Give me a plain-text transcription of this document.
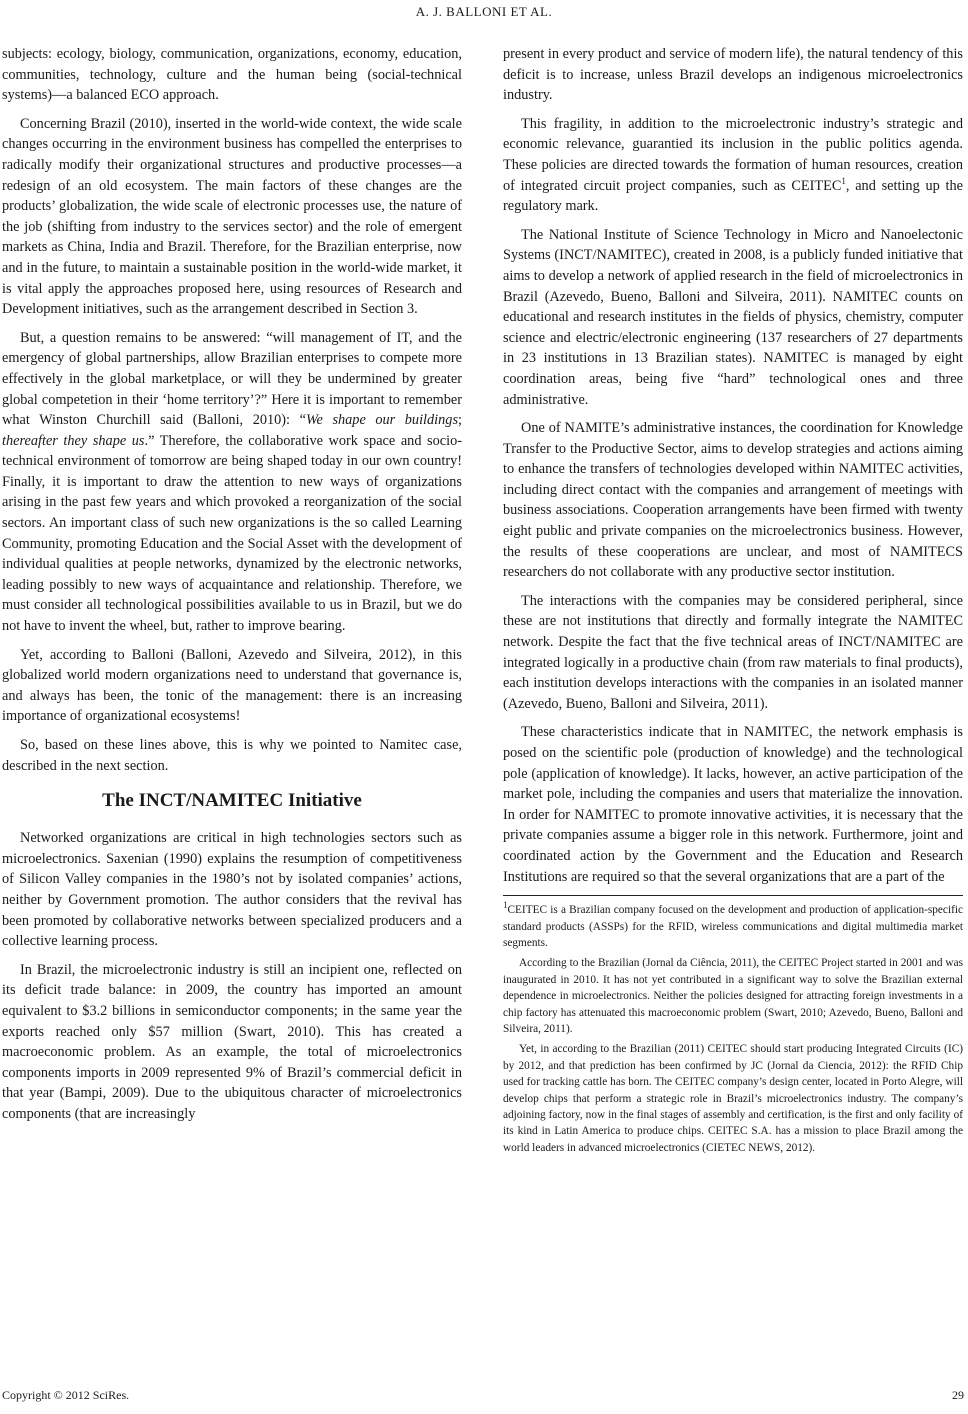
A. J. BALLONI ET AL.

subjects: ecology, biology, communication, organizations, economy, education, communities, technology, culture and the human being (social-technical systems)—a balanced ECO approach.

Concerning Brazil (2010), inserted in the world-wide context, the wide scale changes occurring in the environment business has compelled the enterprises to radically modify their organizational structures and productive processes—a redesign of an old ecosystem. The main factors of these changes are the products’ globalization, the wide scale of electronic processes use, the nature of the job (shifting from industry to the services sector) and the role of emergent markets as China, India and Brazil. Therefore, for the Brazilian enterprise, now and in the future, to maintain a sustainable position in the world-wide market, it is vital apply the approaches proposed here, using resources of Research and Development initiatives, such as the arrangement described in Section 3.

But, a question remains to be answered: “will management of IT, and the emergency of global partnerships, allow Brazilian enterprises to compete more effectively in the global marketplace, or will they be undermined by greater global competetion in their ‘home territory’?” Here it is important to remember what Winston Churchill said (Balloni, 2010): “We shape our buildings; thereafter they shape us.” Therefore, the collaborative work space and socio-technical environment of tomorrow are being shaped today in our own country! Finally, it is important to draw the attention to new ways of organizations arising in the past few years and which provoked a reorganization of the social sectors. An important class of such new organizations is the so called Learning Community, promoting Education and the Social Asset with the development of individual qualities at people networks, dynamized by the electronic networks, leading possibly to new ways of acquaintance and relationship. Therefore, we must consider all technological possibilities available to us in Brazil, but we do not have to invent the wheel, but, rather to improve bearing.

Yet, according to Balloni (Balloni, Azevedo and Silveira, 2012), in this globalized world modern organizations need to understand that governance is, and always has been, the tonic of the management: there is an increasing importance of organizational ecosystems!

So, based on these lines above, this is why we pointed to Namitec case, described in the next section.

The INCT/NAMITEC Initiative

Networked organizations are critical in high technologies sectors such as microelectronics. Saxenian (1990) explains the resumption of competitiveness of Silicon Valley companies in the 1980’s not by isolated companies’ actions, neither by Government promotion. The author considers that the revival has been promoted by collaborative networks between specialized producers and a collective learning process.

In Brazil, the microelectronic industry is still an incipient one, reflected on its deficit trade balance: in 2009, the country has imported an amount equivalent to $3.2 billions in semiconductor components; in the same year the exports reached only $57 million (Swart, 2010). This has created a macroeconomic problem. As an example, the total of microelectronics components imports in 2009 represented 9% of Brazil’s commercial deficit in that year (Bampi, 2009). Due to the ubiquitous character of microelectronics components (that are increasingly

present in every product and service of modern life), the natural tendency of this deficit is to increase, unless Brazil develops an indigenous microelectronics industry.

This fragility, in addition to the microelectronic industry’s strategic and economic relevance, guarantied its inclusion in the public politics agenda. These policies are directed towards the formation of human resources, creation of integrated circuit project companies, such as CEITEC$^1$, and setting up the regulatory mark.

The National Institute of Science Technology in Micro and Nanoelectonic Systems (INCT/NAMITEC), created in 2008, is a publicly funded initiative that aims to develop a network of applied research in the field of microelectronics in Brazil (Azevedo, Bueno, Balloni and Silveira, 2011). NAMITEC counts on educational and research institutes in the fields of physics, chemistry, computer science and electric/electronic engineering (137 researchers of 27 departments in 23 institutions in 13 Brazilian states). NAMITEC is managed by eight coordination areas, being five “hard” technological ones and three administrative.

One of NAMITE’s administrative instances, the coordination for Knowledge Transfer to the Productive Sector, aims to develop strategies and actions aiming to enhance the transfers of technologies developed within NAMITEC activities, including direct contact with the companies and arrangement of meetings with business associations. Cooperation arrangements have been firmed with twenty eight public and private companies on the microelectronics business. However, the results of these cooperations are unclear, and most of NAMITECS researchers do not collaborate with any productive sector institution.

The interactions with the companies may be considered peripheral, since these are not institutions that directly and formally integrate the NAMITEC network. Despite the fact that the five technical areas of INCT/NAMITEC are integrated logically in a productive chain (from raw materials to final products), each institution develops interactions with the companies in an isolated manner (Azevedo, Bueno, Balloni and Silveira, 2011).

These characteristics indicate that in NAMITEC, the network emphasis is posed on the scientific pole (production of knowledge) and the technological pole (application of knowledge). It lacks, however, an active participation of the market pole, including the companies and users that materialize the innovation. In order for NAMITEC to promote innovative activities, it is necessary that the private companies assume a bigger role in this network. Furthermore, joint and coordinated action by the Government and the Education and Research Institutions are required so that the several organizations that are a part of the

$^1$CEITEC is a Brazilian company focused on the development and production of application-specific standard products (ASSPs) for the RFID, wireless communications and digital multimedia market segments.

According to the Brazilian (Jornal da Ciência, 2011), the CEITEC Project started in 2001 and was inaugurated in 2010. It has not yet contributed in a significant way to solve the Brazilian external dependence in microelectronics. Neither the policies designed for attracting foreign investments in a chip factory has attenuated this macroeconomic problem (Swart, 2010; Azevedo, Bueno, Balloni and Silveira, 2011).

Yet, in according to the Brazilian (2011) CEITEC should start producing Integrated Circuits (IC) by 2012, and that prediction has been confirmed by JC (Jornal da Ciencia, 2012): the RFID Chip used for tracking cattle has born. The CEITEC company’s design center, located in Porto Alegre, will develop chips that perform a strategic role in Brazil’s microelectronics industry. The company’s adjoining factory, now in the final stages of assembly and certification, is the first and only facility of its kind in Latin America to produce chips. CEITEC S.A. has a mission to place Brazil among the world leaders in advanced microelectronics (CIETEC NEWS, 2012).

Copyright © 2012 SciRes.	29
